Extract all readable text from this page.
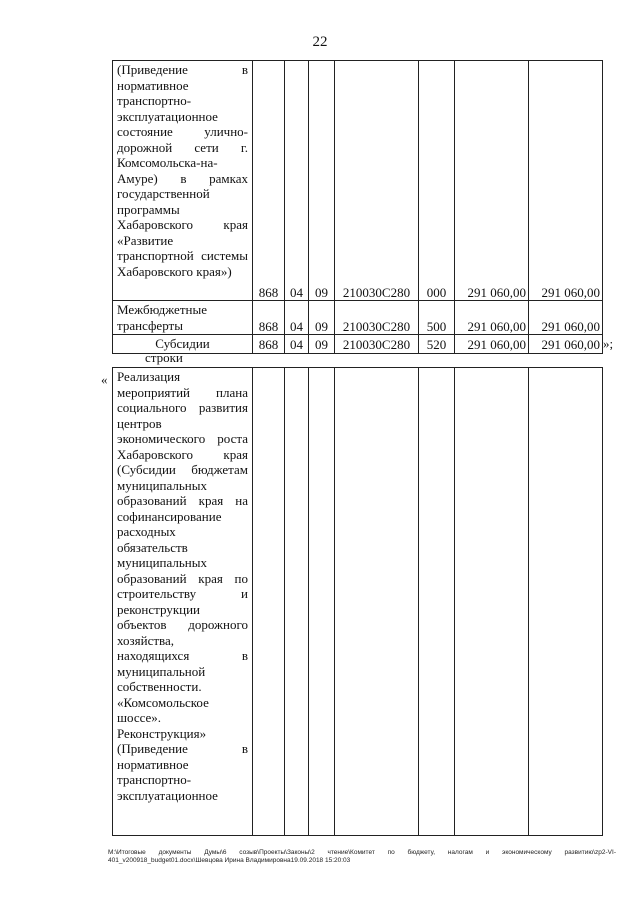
22
(Приведение в нормативное транспортно-эксплуатационное состояние улично-дорожной сети г. Комсомольска-на-Амуре) в рамках государственной программы Хабаровского края «Развитие транспортной системы Хабаровского края»)	868	04	09	210030С280	000	291 060,00	291 060,00
Межбюджетные трансферты	868	04	09	210030С280	500	291 060,00	291 060,00
Субсидии	868	04	09	210030С280	520	291 060,00	291 060,00 »;
строки
« Реализация мероприятий плана социального развития центров экономического роста Хабаровского края (Субсидии бюджетам муниципальных образований края на софинансирование расходных обязательств муниципальных образований края по строительству и реконструкции объектов дорожного хозяйства, находящихся в муниципальной собственности. «Комсомольское шоссе». Реконструкция» (Приведение в нормативное транспортно-эксплуатационное							
М:\Итоговые документы Думы\6 созыв\Проекты\Законы\2 чтение\Комитет по бюджету, налогам и экономическому развитию\zp2-VI-401_v200918_budget01.docx\Шевцова Ирина Владимировна19.09.2018 15:20:03
